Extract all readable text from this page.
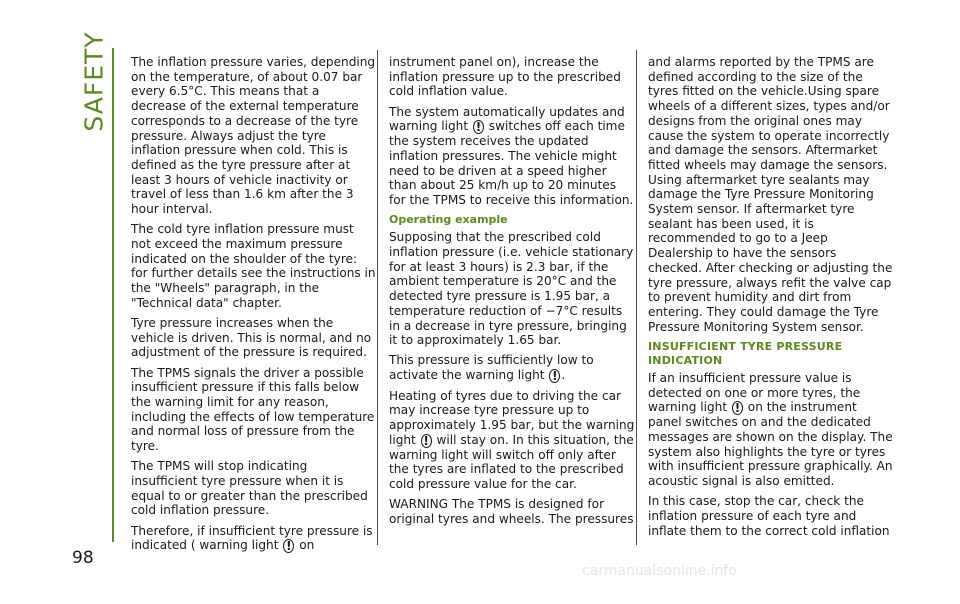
SAFETY
98

The inflation pressure varies, depending on the temperature, of about 0.07 bar every 6.5°C. This means that a decrease of the external temperature corresponds to a decrease of the tyre pressure. Always adjust the tyre inflation pressure when cold. This is defined as the tyre pressure after at least 3 hours of vehicle inactivity or travel of less than 1.6 km after the 3 hour interval.

The cold tyre inflation pressure must not exceed the maximum pressure indicated on the shoulder of the tyre: for further details see the instructions in the "Wheels" paragraph, in the "Technical data" chapter.

Tyre pressure increases when the vehicle is driven. This is normal, and no adjustment of the pressure is required.

The TPMS signals the driver a possible insufficient pressure if this falls below the warning limit for any reason, including the effects of low temperature and normal loss of pressure from the tyre.

The TPMS will stop indicating insufficient tyre pressure when it is equal to or greater than the prescribed cold inflation pressure.

Therefore, if insufficient tyre pressure is indicated ( warning light ! on

instrument panel on), increase the inflation pressure up to the prescribed cold inflation value.

The system automatically updates and warning light ! switches off each time the system receives the updated inflation pressures. The vehicle might need to be driven at a speed higher than about 25 km/h up to 20 minutes for the TPMS to receive this information.

Operating example

Supposing that the prescribed cold inflation pressure (i.e. vehicle stationary for at least 3 hours) is 2.3 bar, if the ambient temperature is 20°C and the detected tyre pressure is 1.95 bar, a temperature reduction of −7°C results in a decrease in tyre pressure, bringing it to approximately 1.65 bar.

This pressure is sufficiently low to activate the warning light ! .

Heating of tyres due to driving the car may increase tyre pressure up to approximately 1.95 bar, but the warning light ! will stay on. In this situation, the warning light will switch off only after the tyres are inflated to the prescribed cold pressure value for the car.

WARNING The TPMS is designed for original tyres and wheels. The pressures

and alarms reported by the TPMS are defined according to the size of the tyres fitted on the vehicle.Using spare wheels of a different sizes, types and/or designs from the original ones may cause the system to operate incorrectly and damage the sensors. Aftermarket fitted wheels may damage the sensors. Using aftermarket tyre sealants may damage the Tyre Pressure Monitoring System sensor. If aftermarket tyre sealant has been used, it is recommended to go to a Jeep Dealership to have the sensors checked. After checking or adjusting the tyre pressure, always refit the valve cap to prevent humidity and dirt from entering. They could damage the Tyre Pressure Monitoring System sensor.

INSUFFICIENT TYRE PRESSURE INDICATION

If an insufficient pressure value is detected on one or more tyres, the warning light ! on the instrument panel switches on and the dedicated messages are shown on the display. The system also highlights the tyre or tyres with insufficient pressure graphically. An acoustic signal is also emitted.

In this case, stop the car, check the inflation pressure of each tyre and inflate them to the correct cold inflation

carmanualsonline.info
